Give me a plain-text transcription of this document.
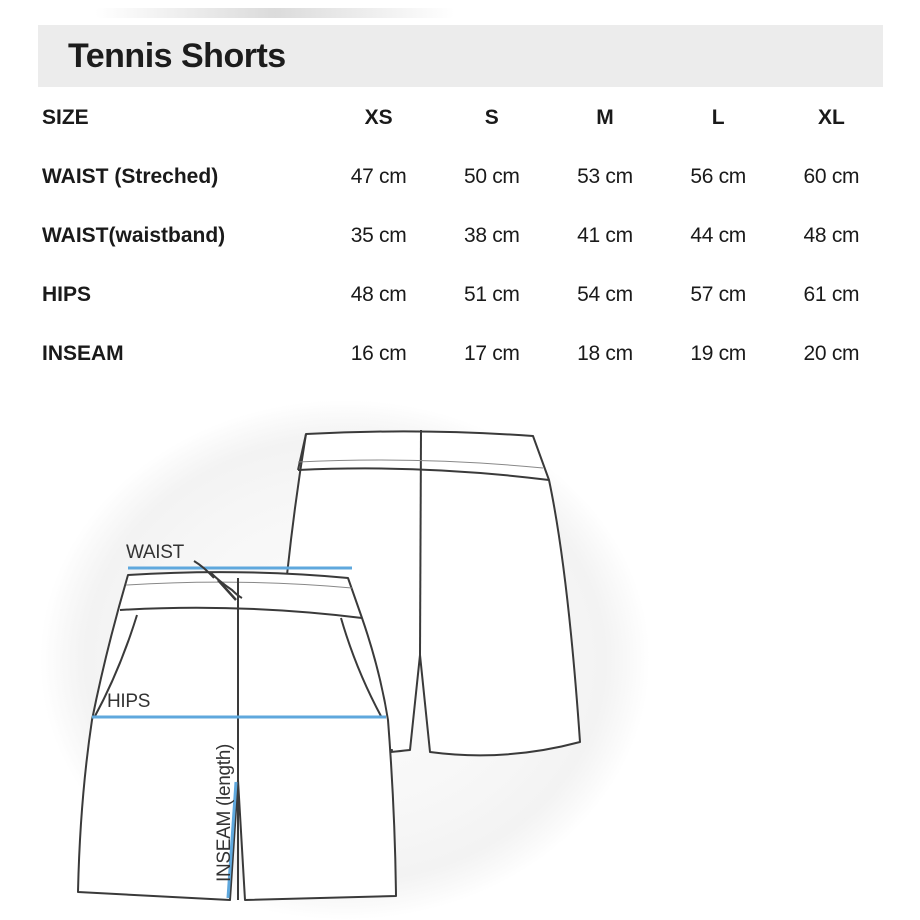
Tennis Shorts
SIZE	XS	S	M	L	XL
WAIST (Streched)	47 cm	50 cm	53 cm	56 cm	60 cm
WAIST(waistband)	35 cm	38 cm	41 cm	44 cm	48 cm
HIPS	48 cm	51 cm	54 cm	57 cm	61 cm
INSEAM	16 cm	17 cm	18 cm	19 cm	20 cm
WAIST
HIPS
INSEAM (length)
